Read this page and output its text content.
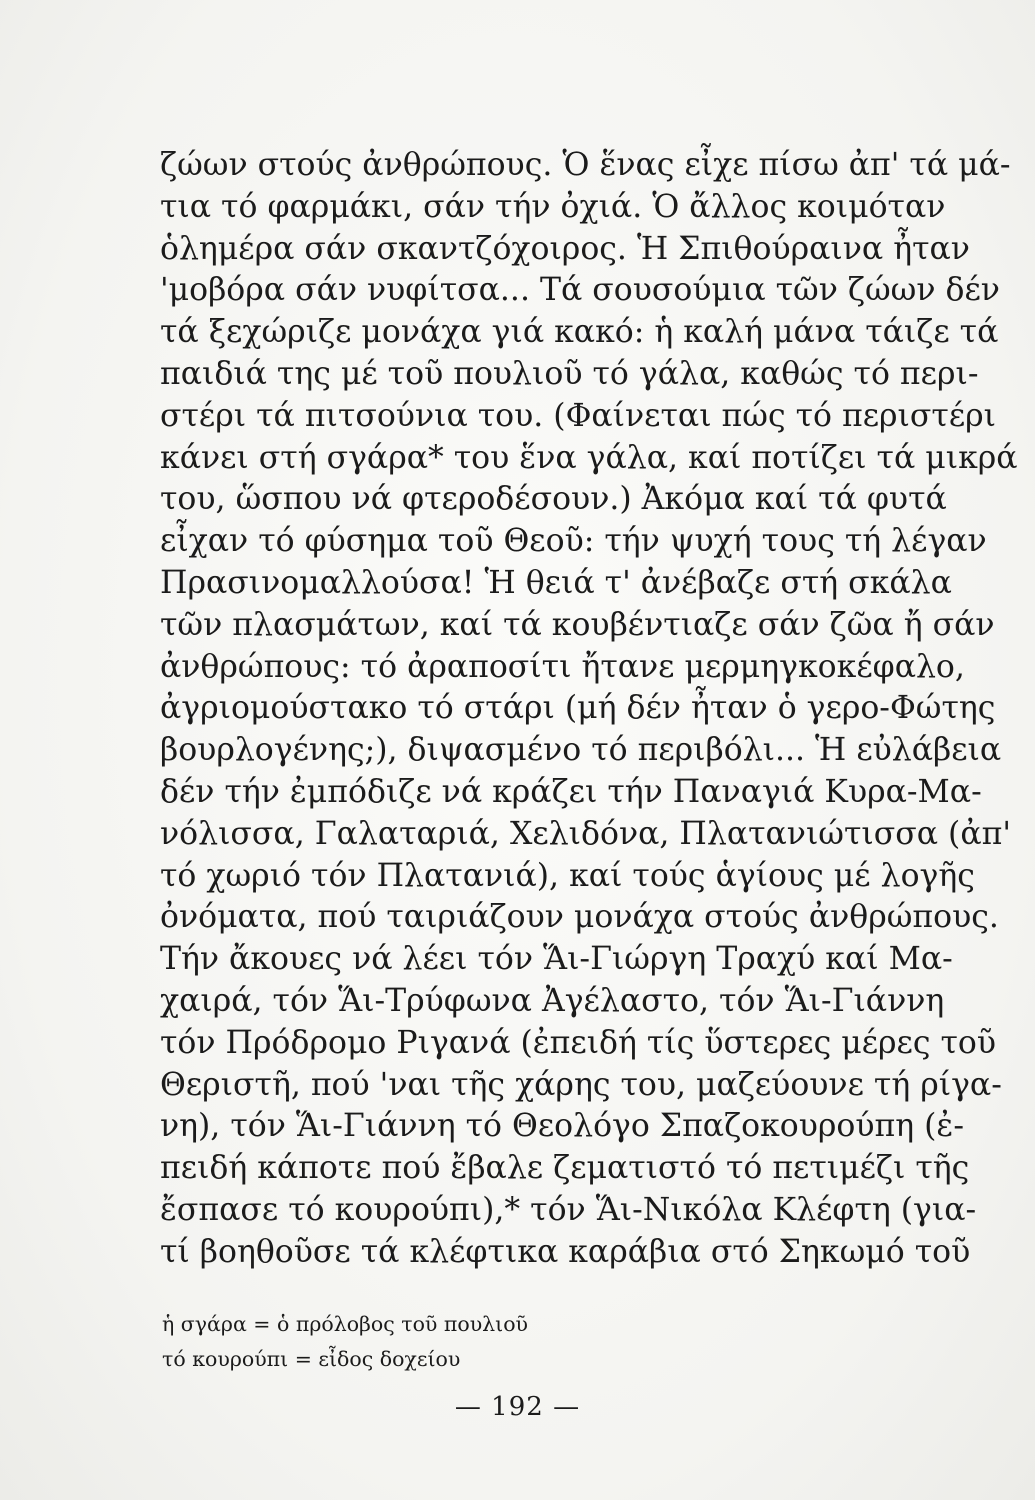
ζώων στούς ἀνθρώπους. Ὁ ἕνας εἶχε πίσω ἀπ' τά μά-
τια τό φαρμάκι, σάν τήν ὀχιά. Ὁ ἄλλος κοιμόταν
ὁλημέρα σάν σκαντζόχοιρος. Ἡ Σπιθούραινα ἦταν
'μοβόρα σάν νυφίτσα... Τά σουσούμια τῶν ζώων δέν
τά ξεχώριζε μονάχα γιά κακό: ἡ καλή μάνα τάιζε τά
παιδιά της μέ τοῦ πουλιοῦ τό γάλα, καθώς τό περι-
στέρι τά πιτσούνια του. (Φαίνεται πώς τό περιστέρι
κάνει στή σγάρα* του ἕνα γάλα, καί ποτίζει τά μικρά
του, ὥσπου νά φτεροδέσουν.) Ἀκόμα καί τά φυτά
εἶχαν τό φύσημα τοῦ Θεοῦ: τήν ψυχή τους τή λέγαν
Πρασινομαλλούσα! Ἡ θειά τ' ἀνέβαζε στή σκάλα
τῶν πλασμάτων, καί τά κουβέντιαζε σάν ζῶα ἤ σάν
ἀνθρώπους: τό ἀραποσίτι ἤτανε μερμηγκοκέφαλο,
ἀγριομούστακο τό στάρι (μή δέν ἦταν ὁ γερο-Φώτης
βουρλογένης;), διψασμένο τό περιβόλι... Ἡ εὐλάβεια
δέν τήν ἐμπόδιζε νά κράζει τήν Παναγιά Κυρα-Μα-
νόλισσα, Γαλαταριά, Χελιδόνα, Πλατανιώτισσα (ἀπ'
τό χωριό τόν Πλατανιά), καί τούς ἁγίους μέ λογῆς
ὀνόματα, πού ταιριάζουν μονάχα στούς ἀνθρώπους.
Τήν ἄκουες νά λέει τόν Ἅι-Γιώργη Τραχύ καί Μα-
χαιρά, τόν Ἅι-Τρύφωνα Ἀγέλαστο, τόν Ἅι-Γιάννη
τόν Πρόδρομο Ριγανά (ἐπειδή τίς ὕστερες μέρες τοῦ
Θεριστῆ, πού 'ναι τῆς χάρης του, μαζεύουνε τή ρίγα-
νη), τόν Ἅι-Γιάννη τό Θεολόγο Σπαζοκουρούπη (ἐ-
πειδή κάποτε πού ἔβαλε ζεματιστό τό πετιμέζι τῆς
ἔσπασε τό κουρούπι),* τόν Ἅι-Νικόλα Κλέφτη (για-
τί βοηθοῦσε τά κλέφτικα καράβια στό Σηκωμό τοῦ
ἡ σγάρα = ὁ πρόλοβος τοῦ πουλιοῦ
τό κουρούπι = εἶδος δοχείου
— 192 —
